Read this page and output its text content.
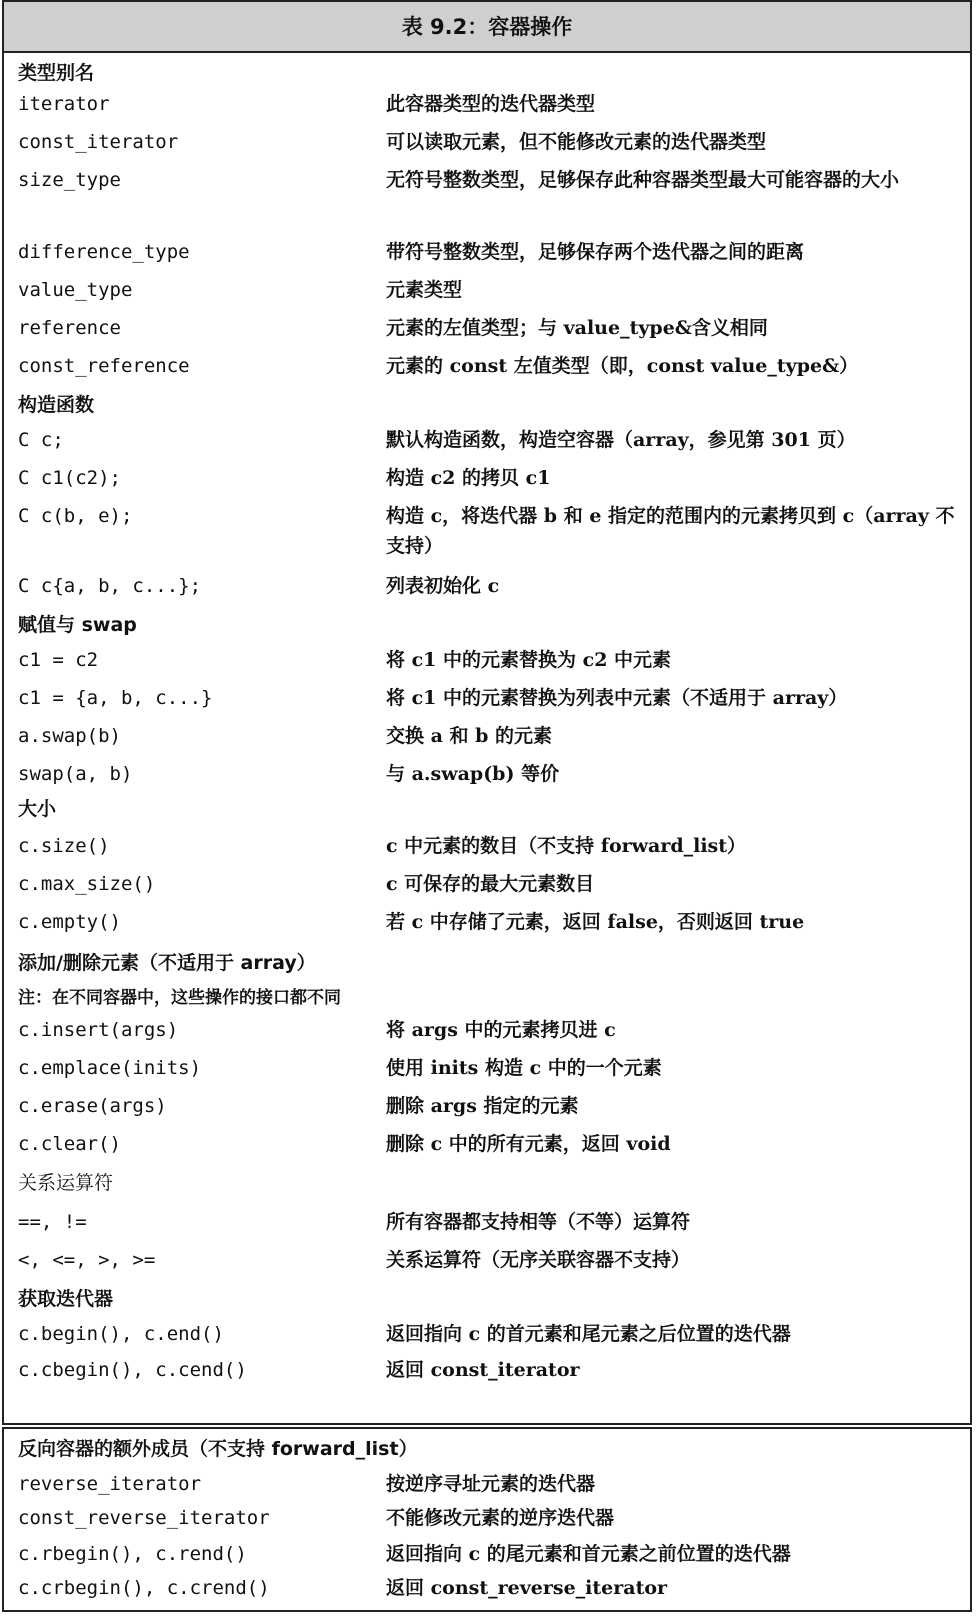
表 9.2：容器操作
类型别名
iterator	此容器类型的迭代器类型
const_iterator	可以读取元素，但不能修改元素的迭代器类型
size_type	无符号整数类型，足够保存此种容器类型最大可能容器的大小
difference_type	带符号整数类型，足够保存两个迭代器之间的距离
value_type	元素类型
reference	元素的左值类型；与 value_type&含义相同
const_reference	元素的 const 左值类型（即，const value_type&）
构造函数
C c;	默认构造函数，构造空容器（array，参见第 301 页）
C c1(c2);	构造 c2 的拷贝 c1
C c(b, e);	构造 c，将迭代器 b 和 e 指定的范围内的元素拷贝到 c（array 不支持）
C c{a, b, c...};	列表初始化 c
赋值与 swap
c1 = c2	将 c1 中的元素替换为 c2 中元素
c1 = {a, b, c...}	将 c1 中的元素替换为列表中元素（不适用于 array）
a.swap(b)	交换 a 和 b 的元素
swap(a, b)	与 a.swap(b) 等价
大小
c.size()	c 中元素的数目（不支持 forward_list）
c.max_size()	c 可保存的最大元素数目
c.empty()	若 c 中存储了元素，返回 false，否则返回 true
添加/删除元素（不适用于 array）
注：在不同容器中，这些操作的接口都不同
c.insert(args)	将 args 中的元素拷贝进 c
c.emplace(inits)	使用 inits 构造 c 中的一个元素
c.erase(args)	删除 args 指定的元素
c.clear()	删除 c 中的所有元素，返回 void
关系运算符
==, !=	所有容器都支持相等（不等）运算符
<, <=, >, >=	关系运算符（无序关联容器不支持）
获取迭代器
c.begin(), c.end()	返回指向 c 的首元素和尾元素之后位置的迭代器
c.cbegin(), c.cend()	返回 const_iterator
反向容器的额外成员（不支持 forward_list）
reverse_iterator	按逆序寻址元素的迭代器
const_reverse_iterator	不能修改元素的逆序迭代器
c.rbegin(), c.rend()	返回指向 c 的尾元素和首元素之前位置的迭代器
c.crbegin(), c.crend()	返回 const_reverse_iterator
